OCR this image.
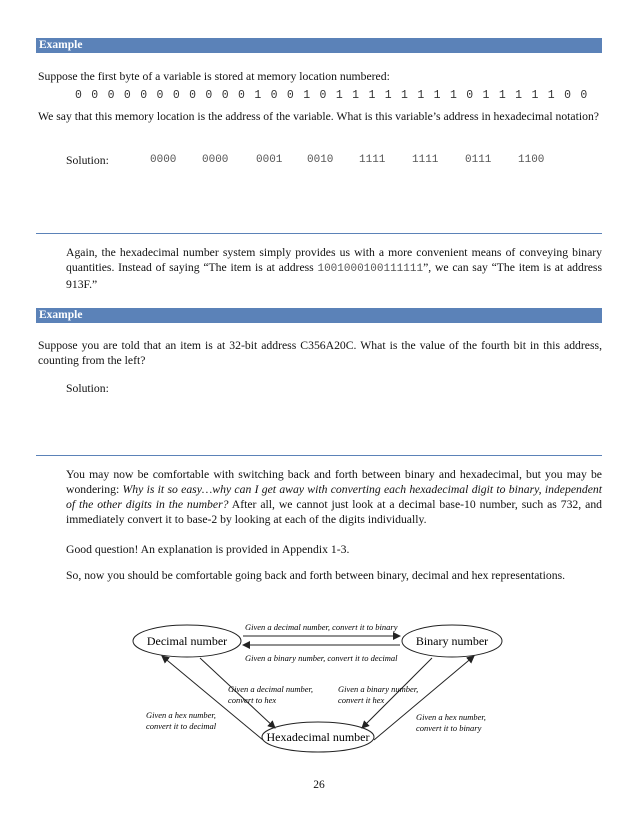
Example
Suppose the first byte of a variable is stored at memory location numbered:
0 0 0 0 0 0 0 0 0 0 0 1 0 0 1 0 1 1 1 1 1 1 1 1 0 1 1 1 1 1 0 0
We say that this memory location is the address of the variable. What is this variable’s address in hexadecimal notation?
Solution:	0000 0000	0001 0010 1111 1111 0111 1100
Again, the hexadecimal number system simply provides us with a more convenient means of conveying binary quantities. Instead of saying “The item is at address 1001000100111111”, we can say “The item is at address 913F.”
Example
Suppose you are told that an item is at 32-bit address C356A20C. What is the value of the fourth bit in this address, counting from the left?
Solution:
You may now be comfortable with switching back and forth between binary and hexadecimal, but you may be wondering: Why is it so easy…why can I get away with converting each hexadecimal digit to binary, independent of the other digits in the number? After all, we cannot just look at a decimal base-10 number, such as 732, and immediately convert it to base-2 by looking at each of the digits individually.
Good question! An explanation is provided in Appendix 1-3.
So, now you should be comfortable going back and forth between binary, decimal and hex representations.
Decimal number	Binary number
Hexadecimal number
Given a decimal number, convert it to binary
Given a binary number, convert it to decimal
Given a decimal number,
convert to hex
Given a hex number,
convert it to decimal
Given a binary number,
convert it hex
Given a hex number,
convert it to binary
26
